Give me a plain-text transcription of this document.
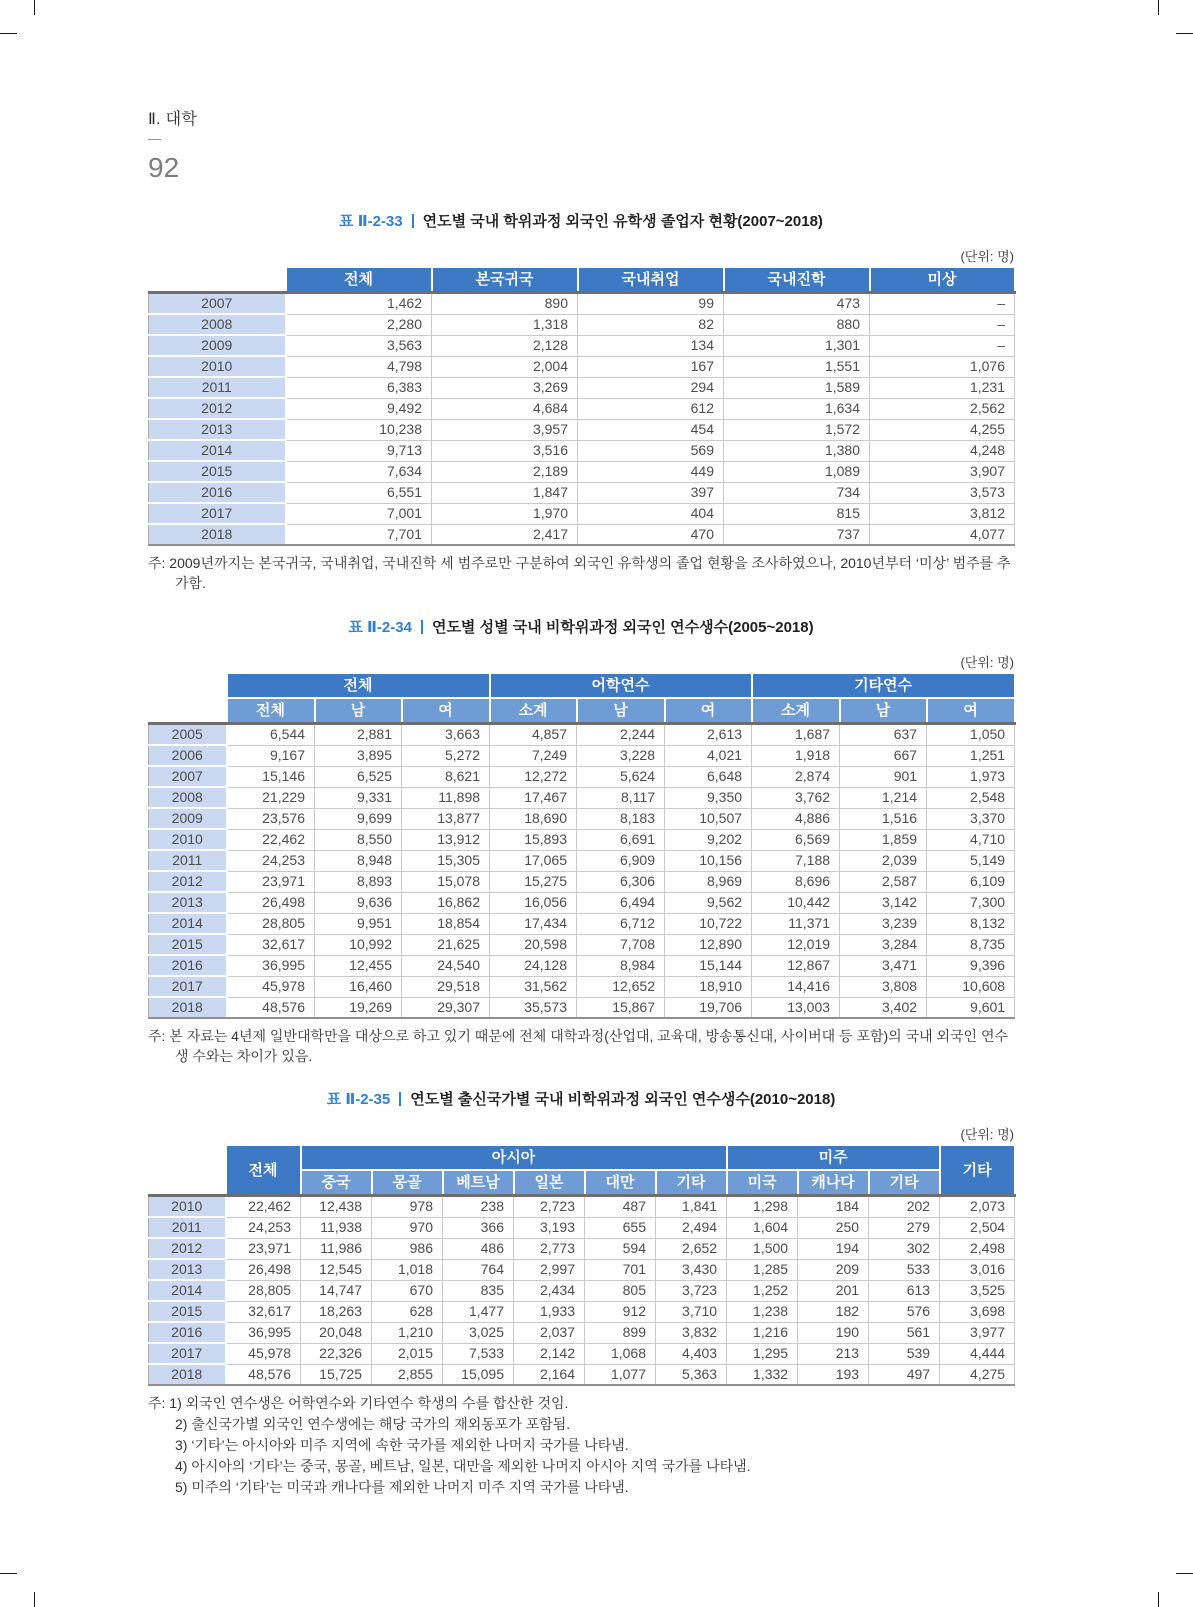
Ⅱ. 대학
—
92
표 Ⅱ-2-33 연도별 국내 학위과정 외국인 유학생 졸업자 현황(2007~2018)
(단위: 명)
	전체	본국귀국	국내취업	국내진학	미상
2007	1,462	890	99	473	–
2008	2,280	1,318	82	880	–
2009	3,563	2,128	134	1,301	–
2010	4,798	2,004	167	1,551	1,076
2011	6,383	3,269	294	1,589	1,231
2012	9,492	4,684	612	1,634	2,562
2013	10,238	3,957	454	1,572	4,255
2014	9,713	3,516	569	1,380	4,248
2015	7,634	2,189	449	1,089	3,907
2016	6,551	1,847	397	734	3,573
2017	7,001	1,970	404	815	3,812
2018	7,701	2,417	470	737	4,077
주: 2009년까지는 본국귀국, 국내취업, 국내진학 세 범주로만 구분하여 외국인 유학생의 졸업 현황을 조사하였으나, 2010년부터 ‘미상’ 범주를 추가함.
표 Ⅱ-2-34 연도별 성별 국내 비학위과정 외국인 연수생수(2005~2018)
(단위: 명)
	전체			어학연수			기타연수		
	전체	남	여	소계	남	여	소계	남	여
2005	6,544	2,881	3,663	4,857	2,244	2,613	1,687	637	1,050
2006	9,167	3,895	5,272	7,249	3,228	4,021	1,918	667	1,251
2007	15,146	6,525	8,621	12,272	5,624	6,648	2,874	901	1,973
2008	21,229	9,331	11,898	17,467	8,117	9,350	3,762	1,214	2,548
2009	23,576	9,699	13,877	18,690	8,183	10,507	4,886	1,516	3,370
2010	22,462	8,550	13,912	15,893	6,691	9,202	6,569	1,859	4,710
2011	24,253	8,948	15,305	17,065	6,909	10,156	7,188	2,039	5,149
2012	23,971	8,893	15,078	15,275	6,306	8,969	8,696	2,587	6,109
2013	26,498	9,636	16,862	16,056	6,494	9,562	10,442	3,142	7,300
2014	28,805	9,951	18,854	17,434	6,712	10,722	11,371	3,239	8,132
2015	32,617	10,992	21,625	20,598	7,708	12,890	12,019	3,284	8,735
2016	36,995	12,455	24,540	24,128	8,984	15,144	12,867	3,471	9,396
2017	45,978	16,460	29,518	31,562	12,652	18,910	14,416	3,808	10,608
2018	48,576	19,269	29,307	35,573	15,867	19,706	13,003	3,402	9,601
주: 본 자료는 4년제 일반대학만을 대상으로 하고 있기 때문에 전체 대학과정(산업대, 교육대, 방송통신대, 사이버대 등 포함)의 국내 외국인 연수생 수와는 차이가 있음.
표 Ⅱ-2-35 연도별 출신국가별 국내 비학위과정 외국인 연수생수(2010~2018)
(단위: 명)
	전체	아시아						미주			기타
		중국	몽골	베트남	일본	대만	기타	미국	캐나다	기타	
2010	22,462	12,438	978	238	2,723	487	1,841	1,298	184	202	2,073
2011	24,253	11,938	970	366	3,193	655	2,494	1,604	250	279	2,504
2012	23,971	11,986	986	486	2,773	594	2,652	1,500	194	302	2,498
2013	26,498	12,545	1,018	764	2,997	701	3,430	1,285	209	533	3,016
2014	28,805	14,747	670	835	2,434	805	3,723	1,252	201	613	3,525
2015	32,617	18,263	628	1,477	1,933	912	3,710	1,238	182	576	3,698
2016	36,995	20,048	1,210	3,025	2,037	899	3,832	1,216	190	561	3,977
2017	45,978	22,326	2,015	7,533	2,142	1,068	4,403	1,295	213	539	4,444
2018	48,576	15,725	2,855	15,095	2,164	1,077	5,363	1,332	193	497	4,275
주: 1) 외국인 연수생은 어학연수와 기타연수 학생의 수를 합산한 것임.
2) 출신국가별 외국인 연수생에는 해당 국가의 재외동포가 포함됨.
3) ‘기타’는 아시아와 미주 지역에 속한 국가를 제외한 나머지 국가를 나타냄.
4) 아시아의 ‘기타’는 중국, 몽골, 베트남, 일본, 대만을 제외한 나머지 아시아 지역 국가를 나타냄.
5) 미주의 ‘기타’는 미국과 캐나다를 제외한 나머지 미주 지역 국가를 나타냄.
